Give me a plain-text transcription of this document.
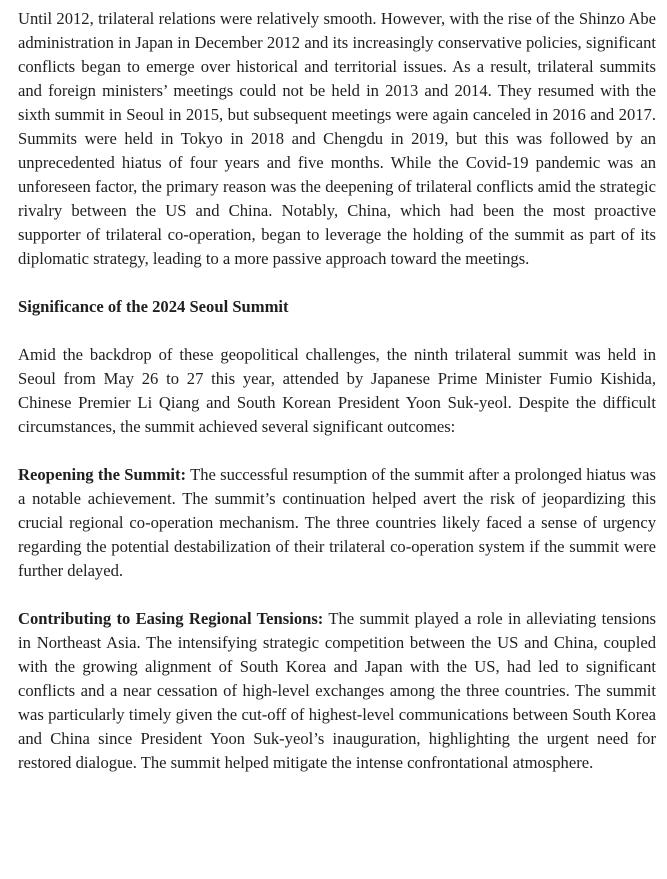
Until 2012, trilateral relations were relatively smooth. However, with the rise of the Shinzo Abe administration in Japan in December 2012 and its increasingly conservative policies, significant conflicts began to emerge over historical and territorial issues. As a result, trilateral summits and foreign ministers’ meetings could not be held in 2013 and 2014. They resumed with the sixth summit in Seoul in 2015, but subsequent meetings were again canceled in 2016 and 2017. Summits were held in Tokyo in 2018 and Chengdu in 2019, but this was followed by an unprecedented hiatus of four years and five months. While the Covid-19 pandemic was an unforeseen factor, the primary reason was the deepening of trilateral conflicts amid the strategic rivalry between the US and China. Notably, China, which had been the most proactive supporter of trilateral co-operation, began to leverage the holding of the summit as part of its diplomatic strategy, leading to a more passive approach toward the meetings.

Significance of the 2024 Seoul Summit

Amid the backdrop of these geopolitical challenges, the ninth trilateral summit was held in Seoul from May 26 to 27 this year, attended by Japanese Prime Minister Fumio Kishida, Chinese Premier Li Qiang and South Korean President Yoon Suk-yeol. Despite the difficult circumstances, the summit achieved several significant outcomes:

Reopening the Summit: The successful resumption of the summit after a prolonged hiatus was a notable achievement. The summit’s continuation helped avert the risk of jeopardizing this crucial regional co-operation mechanism. The three countries likely faced a sense of urgency regarding the potential destabilization of their trilateral co-operation system if the summit were further delayed.

Contributing to Easing Regional Tensions: The summit played a role in alleviating tensions in Northeast Asia. The intensifying strategic competition between the US and China, coupled with the growing alignment of South Korea and Japan with the US, had led to significant conflicts and a near cessation of high-level exchanges among the three countries. The summit was particularly timely given the cut-off of highest-level communications between South Korea and China since President Yoon Suk-yeol’s inauguration, highlighting the urgent need for restored dialogue. The summit helped mitigate the intense confrontational atmosphere.
